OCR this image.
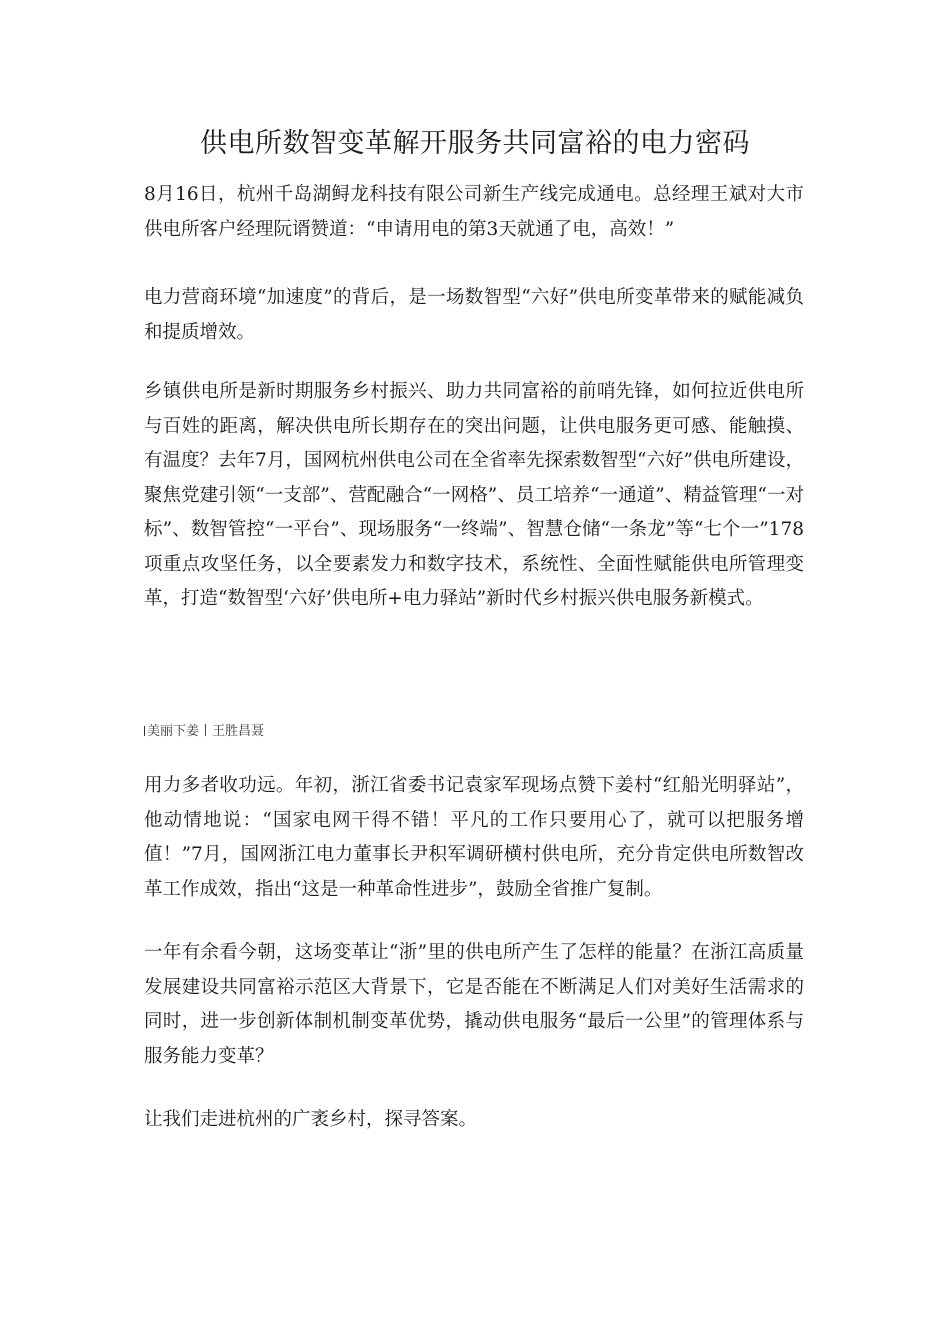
供电所数智变革解开服务共同富裕的电力密码

8月16日，杭州千岛湖鲟龙科技有限公司新生产线完成通电。总经理王斌对大市供电所客户经理阮谞赞道：“申请用电的第3天就通了电，高效！”

电力营商环境“加速度”的背后，是一场数智型“六好”供电所变革带来的赋能减负和提质增效。

乡镇供电所是新时期服务乡村振兴、助力共同富裕的前哨先锋，如何拉近供电所与百姓的距离，解决供电所长期存在的突出问题，让供电服务更可感、能触摸、有温度？去年7月，国网杭州供电公司在全省率先探索数智型“六好”供电所建设，聚焦党建引领“一支部”、营配融合“一网格”、员工培养“一通道”、精益管理“一对标”、数智管控“一平台”、现场服务“一终端”、智慧仓储“一条龙”等“七个一”178项重点攻坚任务，以全要素发力和数字技术，系统性、全面性赋能供电所管理变革，打造“数智型‘六好’供电所+电力驿站”新时代乡村振兴供电服务新模式。

美丽下姜丨王胜昌聂

用力多者收功远。年初，浙江省委书记袁家军现场点赞下姜村“红船光明驿站”，他动情地说：“国家电网干得不错！平凡的工作只要用心了，就可以把服务增值！”7月，国网浙江电力董事长尹积军调研横村供电所，充分肯定供电所数智改革工作成效，指出“这是一种革命性进步”，鼓励全省推广复制。

一年有余看今朝，这场变革让“浙”里的供电所产生了怎样的能量？在浙江高质量发展建设共同富裕示范区大背景下，它是否能在不断满足人们对美好生活需求的同时，进一步创新体制机制变革优势，撬动供电服务“最后一公里”的管理体系与服务能力变革？

让我们走进杭州的广袤乡村，探寻答案。
